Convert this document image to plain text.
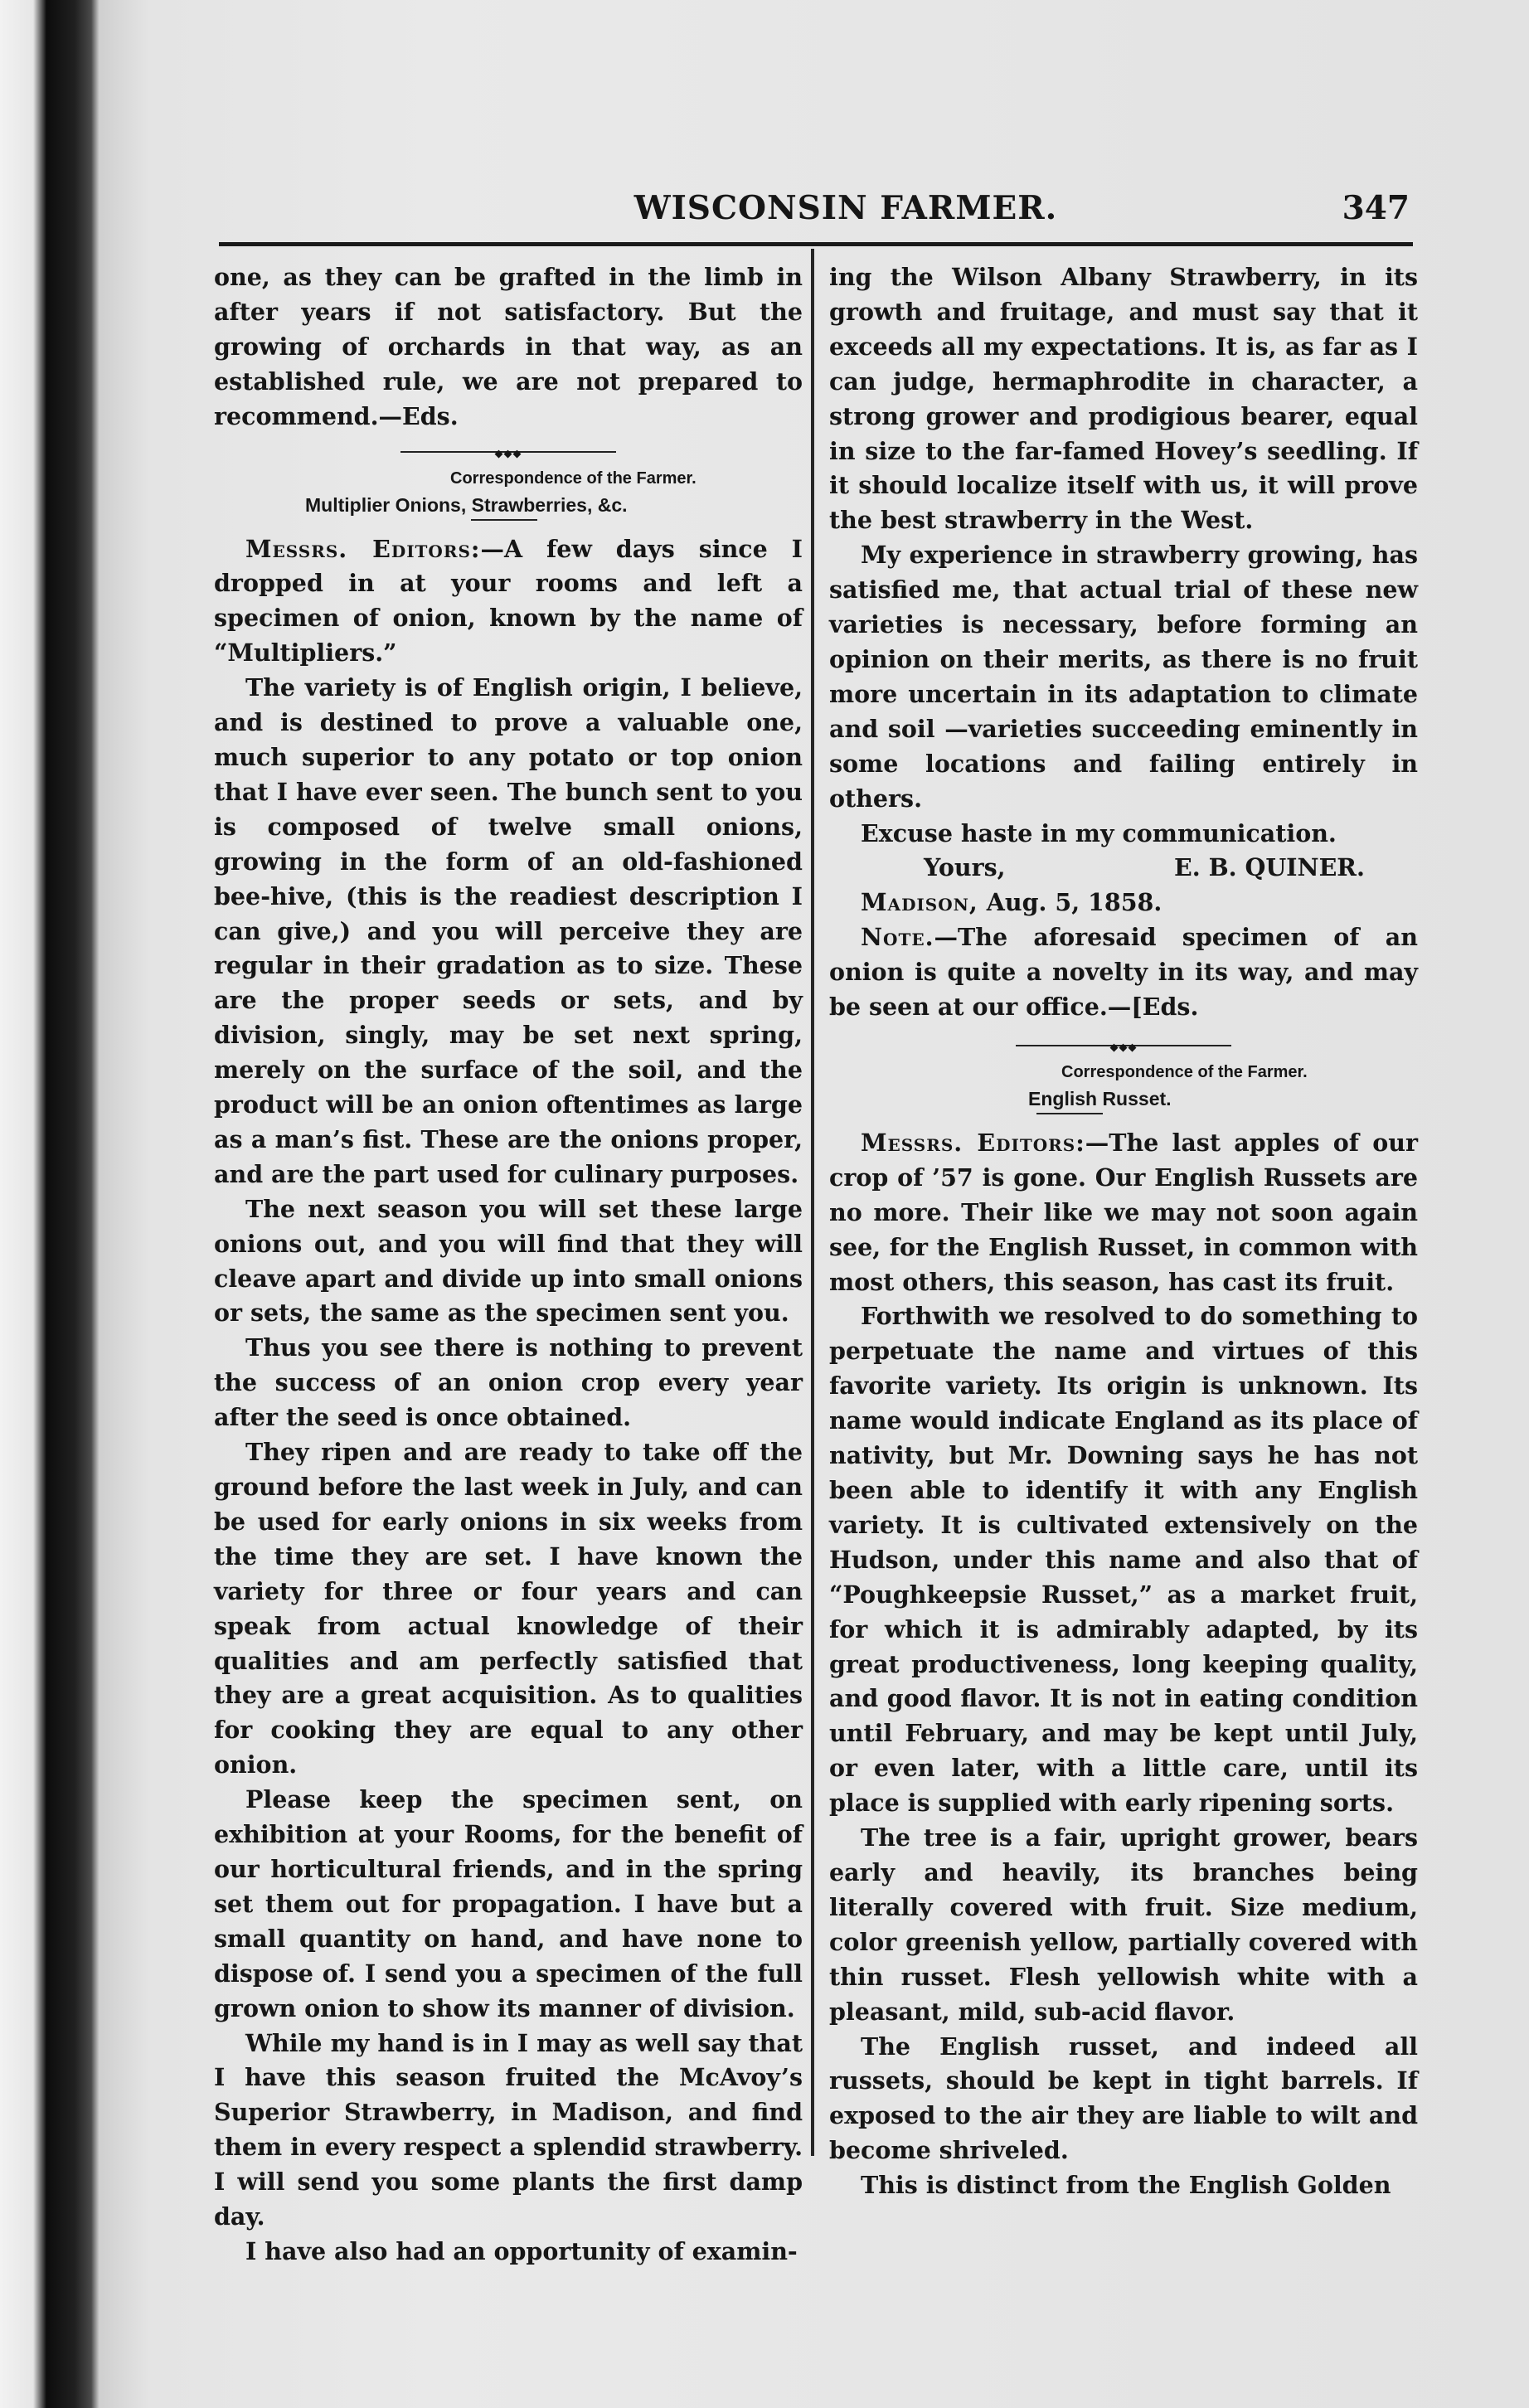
WISCONSIN FARMER.	347

one, as they can be grafted in the limb in after years if not satisfactory. But the growing of orchards in that way, as an established rule, we are not prepared to recommend.—Eds.

◆◆◆
Correspondence of the Farmer.
Multiplier Onions, Strawberries, &c.

Messrs. Editors:—A few days since I dropped in at your rooms and left a specimen of onion, known by the name of “Multipliers.”

The variety is of English origin, I believe, and is destined to prove a valuable one, much superior to any potato or top onion that I have ever seen. The bunch sent to you is composed of twelve small onions, growing in the form of an old-fashioned bee-hive, (this is the readiest description I can give,) and you will perceive they are regular in their gradation as to size. These are the proper seeds or sets, and by division, singly, may be set next spring, merely on the surface of the soil, and the product will be an onion oftentimes as large as a man’s fist. These are the onions proper, and are the part used for culinary purposes.

The next season you will set these large onions out, and you will find that they will cleave apart and divide up into small onions or sets, the same as the specimen sent you.

Thus you see there is nothing to prevent the success of an onion crop every year after the seed is once obtained.

They ripen and are ready to take off the ground before the last week in July, and can be used for early onions in six weeks from the time they are set. I have known the variety for three or four years and can speak from actual knowledge of their qualities and am perfectly satisfied that they are a great acquisition. As to qualities for cooking they are equal to any other onion.

Please keep the specimen sent, on exhibition at your Rooms, for the benefit of our horticultural friends, and in the spring set them out for propagation. I have but a small quantity on hand, and have none to dispose of. I send you a specimen of the full grown onion to show its manner of division.

While my hand is in I may as well say that I have this season fruited the McAvoy’s Superior Strawberry, in Madison, and find them in every respect a splendid strawberry. I will send you some plants the first damp day.

I have also had an opportunity of examin-

ing the Wilson Albany Strawberry, in its growth and fruitage, and must say that it exceeds all my expectations. It is, as far as I can judge, hermaphrodite in character, a strong grower and prodigious bearer, equal in size to the far-famed Hovey’s seedling. If it should localize itself with us, it will prove the best strawberry in the West.

My experience in strawberry growing, has satisfied me, that actual trial of these new varieties is necessary, before forming an opinion on their merits, as there is no fruit more uncertain in its adaptation to climate and soil —varieties succeeding eminently in some locations and failing entirely in others.

Excuse haste in my communication.

Yours,	E. B. QUINER.

Madison, Aug. 5, 1858.

Note.—The aforesaid specimen of an onion is quite a novelty in its way, and may be seen at our office.—[Eds.

◆◆◆
Correspondence of the Farmer.
English Russet.

Messrs. Editors:—The last apples of our crop of ’57 is gone. Our English Russets are no more. Their like we may not soon again see, for the English Russet, in common with most others, this season, has cast its fruit.

Forthwith we resolved to do something to perpetuate the name and virtues of this favorite variety. Its origin is unknown. Its name would indicate England as its place of nativity, but Mr. Downing says he has not been able to identify it with any English variety. It is cultivated extensively on the Hudson, under this name and also that of “Poughkeepsie Russet,” as a market fruit, for which it is admirably adapted, by its great productiveness, long keeping quality, and good flavor. It is not in eating condition until February, and may be kept until July, or even later, with a little care, until its place is supplied with early ripening sorts.

The tree is a fair, upright grower, bears early and heavily, its branches being literally covered with fruit. Size medium, color greenish yellow, partially covered with thin russet. Flesh yellowish white with a pleasant, mild, sub-acid flavor.

The English russet, and indeed all russets, should be kept in tight barrels. If exposed to the air they are liable to wilt and become shriveled.

This is distinct from the English Golden
